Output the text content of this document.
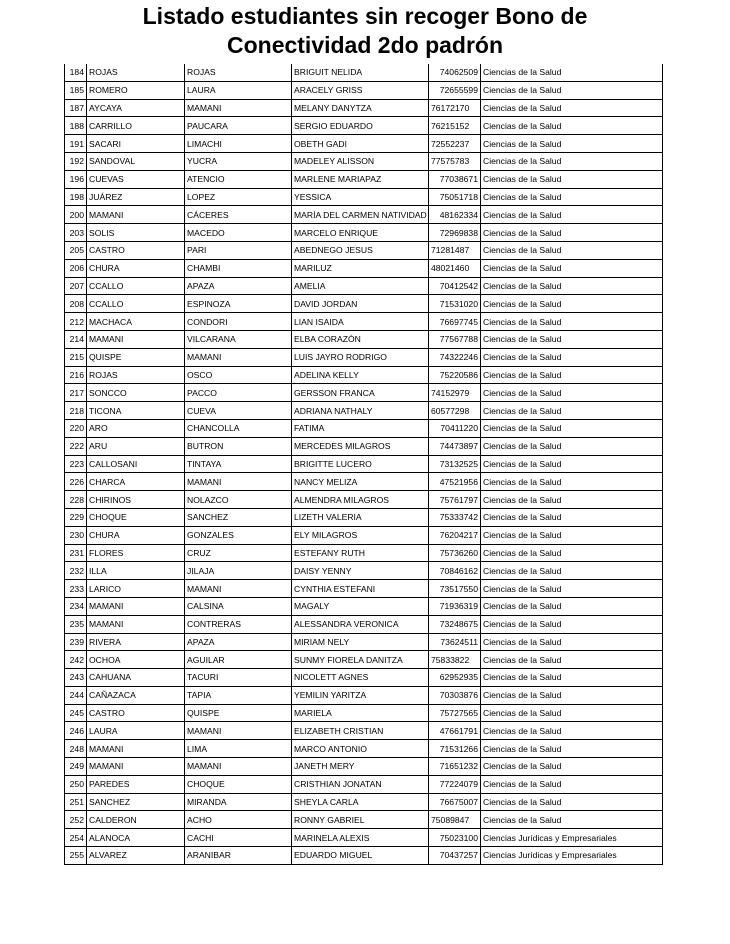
Listado estudiantes sin recoger Bono de
Conectividad 2do padrón
184	ROJAS	ROJAS	BRIGUIT NELIDA	74062509	Ciencias de la Salud
185	ROMERO	LAURA	ARACELY GRISS	72655599	Ciencias de la Salud
187	AYCAYA	MAMANI	MELANY DANYTZA	76172170	Ciencias de la Salud
188	CARRILLO	PAUCARA	SERGIO EDUARDO	76215152	Ciencias de la Salud
191	SACARI	LIMACHI	OBETH GADI	72552237	Ciencias de la Salud
192	SANDOVAL	YUCRA	MADELEY ALISSON	77575783	Ciencias de la Salud
196	CUEVAS	ATENCIO	MARLENE MARIAPAZ	77038671	Ciencias de la Salud
198	JUÁREZ	LOPEZ	YESSICA	75051718	Ciencias de la Salud
200	MAMANI	CÁCERES	MARÍA DEL CARMEN NATIVIDAD	48162334	Ciencias de la Salud
203	SOLIS	MACEDO	MARCELO ENRIQUE	72969838	Ciencias de la Salud
205	CASTRO	PARI	ABEDNEGO JESUS	71281487	Ciencias de la Salud
206	CHURA	CHAMBI	MARILUZ	48021460	Ciencias de la Salud
207	CCALLO	APAZA	AMELIA	70412542	Ciencias de la Salud
208	CCALLO	ESPINOZA	DAVID JORDAN	71531020	Ciencias de la Salud
212	MACHACA	CONDORI	LIAN ISAIDA	76697745	Ciencias de la Salud
214	MAMANI	VILCARANA	ELBA CORAZÓN	77567788	Ciencias de la Salud
215	QUISPE	MAMANI	LUIS JAYRO RODRIGO	74322246	Ciencias de la Salud
216	ROJAS	OSCO	ADELINA KELLY	75220586	Ciencias de la Salud
217	SONCCO	PACCO	GERSSON FRANCA	74152979	Ciencias de la Salud
218	TICONA	CUEVA	ADRIANA NATHALY	60577298	Ciencias de la Salud
220	ARO	CHANCOLLA	FATIMA	70411220	Ciencias de la Salud
222	ARU	BUTRON	MERCEDES MILAGROS	74473897	Ciencias de la Salud
223	CALLOSANI	TINTAYA	BRIGITTE LUCERO	73132525	Ciencias de la Salud
226	CHARCA	MAMANI	NANCY MELIZA	47521956	Ciencias de la Salud
228	CHIRINOS	NOLAZCO	ALMENDRA MILAGROS	75761797	Ciencias de la Salud
229	CHOQUE	SANCHEZ	LIZETH VALERIA	75333742	Ciencias de la Salud
230	CHURA	GONZALES	ELY MILAGROS	76204217	Ciencias de la Salud
231	FLORES	CRUZ	ESTEFANY RUTH	75736260	Ciencias de la Salud
232	ILLA	JILAJA	DAISY YENNY	70846162	Ciencias de la Salud
233	LARICO	MAMANI	CYNTHIA ESTEFANI	73517550	Ciencias de la Salud
234	MAMANI	CALSINA	MAGALY	71936319	Ciencias de la Salud
235	MAMANI	CONTRERAS	ALESSANDRA VERONICA	73248675	Ciencias de la Salud
239	RIVERA	APAZA	MIRIAM NELY	73624511	Ciencias de la Salud
242	OCHOA	AGUILAR	SUNMY FIORELA DANITZA	75833822	Ciencias de la Salud
243	CAHUANA	TACURI	NICOLETT AGNES	62952935	Ciencias de la Salud
244	CAÑAZACA	TAPIA	YEMILIN YARITZA	70303876	Ciencias de la Salud
245	CASTRO	QUISPE	MARIELA	75727565	Ciencias de la Salud
246	LAURA	MAMANI	ELIZABETH CRISTIAN	47661791	Ciencias de la Salud
248	MAMANI	LIMA	MARCO ANTONIO	71531266	Ciencias de la Salud
249	MAMANI	MAMANI	JANETH MERY	71651232	Ciencias de la Salud
250	PAREDES	CHOQUE	CRISTHIAN JONATAN	77224079	Ciencias de la Salud
251	SANCHEZ	MIRANDA	SHEYLA CARLA	76675007	Ciencias de la Salud
252	CALDERON	ACHO	RONNY GABRIEL	75089847	Ciencias de la Salud
254	ALANOCA	CACHI	MARINELA ALEXIS	75023100	Ciencias Jurídicas y Empresariales
255	ALVAREZ	ARANIBAR	EDUARDO MIGUEL	70437257	Ciencias Jurídicas y Empresariales
